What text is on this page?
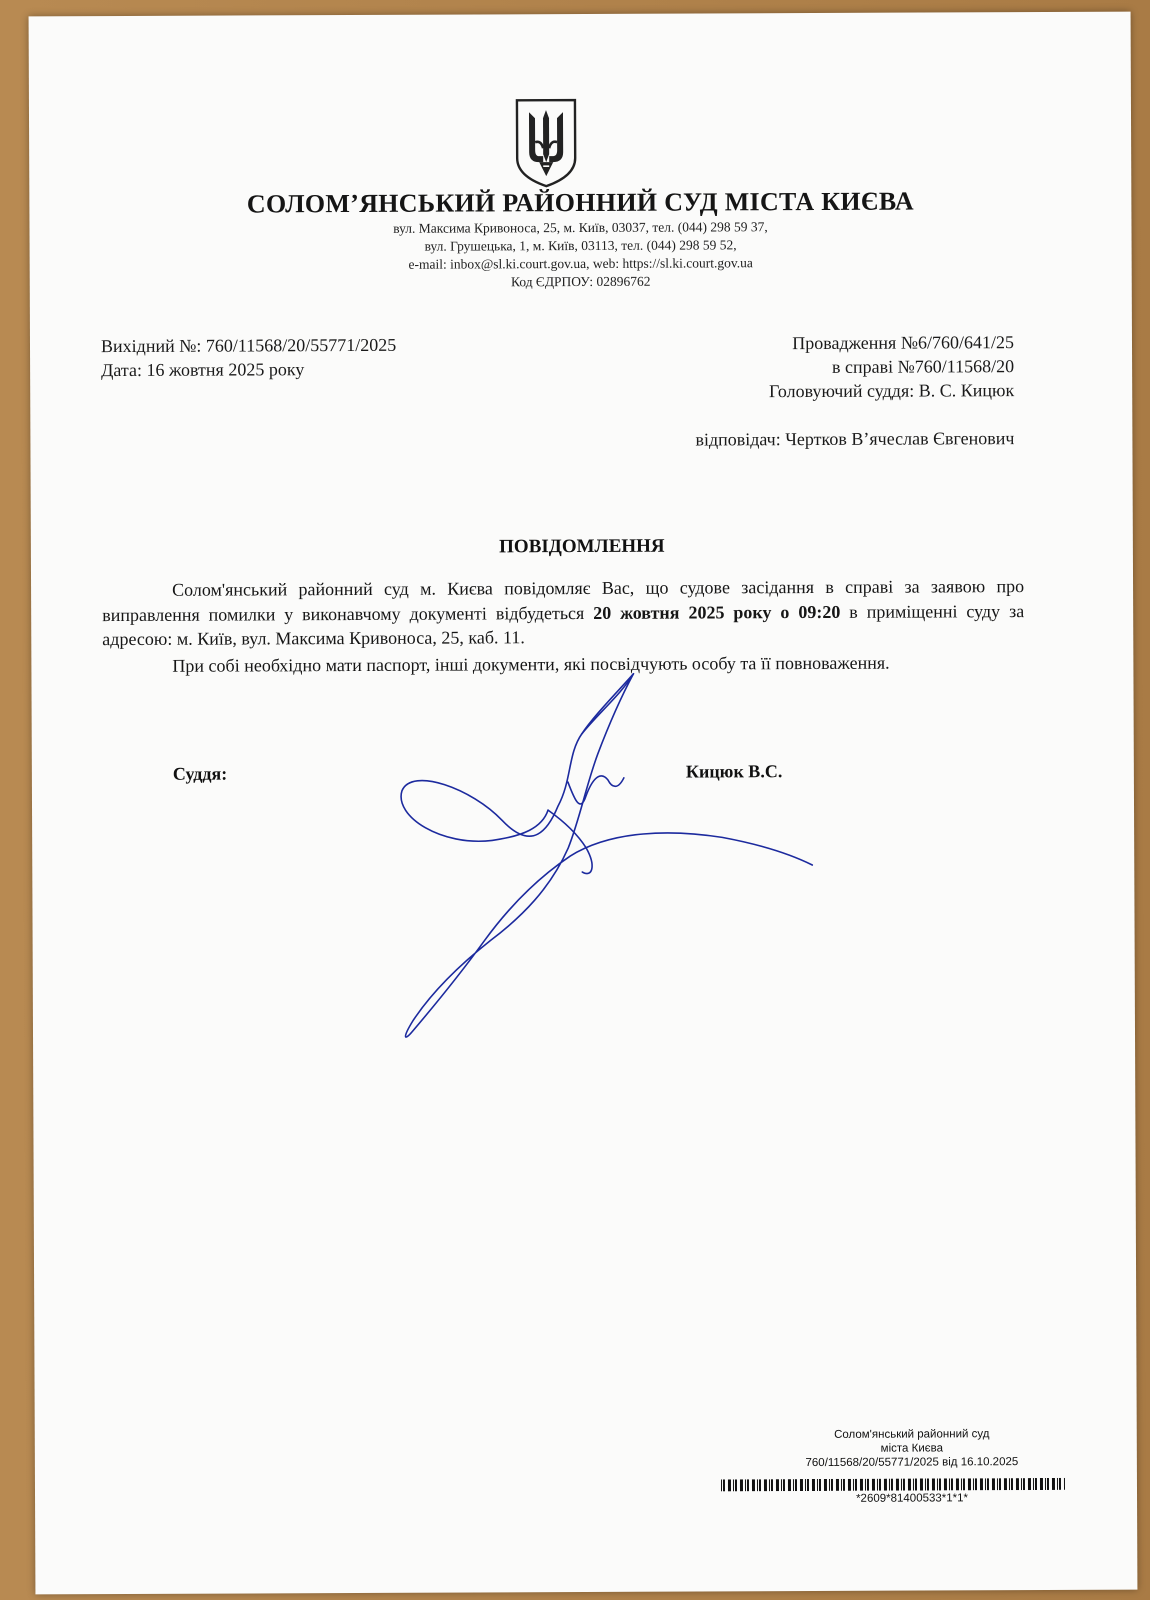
СОЛОМ’ЯНСЬКИЙ РАЙОННИЙ СУД МІСТА КИЄВА
вул. Максима Кривоноса, 25, м. Київ, 03037, тел. (044) 298 59 37,
вул. Грушецька, 1, м. Київ, 03113, тел. (044) 298 59 52,
e-mail: inbox@sl.ki.court.gov.ua, web: https://sl.ki.court.gov.ua
Код ЄДРПОУ: 02896762
Вихідний №: 760/11568/20/55771/2025
Дата: 16 жовтня 2025 року
Провадження №6/760/641/25
в справі №760/11568/20
Головуючий суддя: В. С. Кицюк
відповідач: Чертков В’ячеслав Євгенович
ПОВІДОМЛЕННЯ

Солом'янський районний суд м. Києва повідомляє Вас, що судове засідання в справі за заявою про виправлення помилки у виконавчому документі відбудеться 20 жовтня 2025 року о 09:20 в приміщенні суду за адресою: м. Київ, вул. Максима Кривоноса, 25, каб. 11.

При собі необхідно мати паспорт, інші документи, які посвідчують особу та її повноваження.

Суддя:	Кицюк В.С.
Солом'янський районний суд
міста Києва
760/11568/20/55771/2025 від 16.10.2025
*2609*81400533*1*1*
